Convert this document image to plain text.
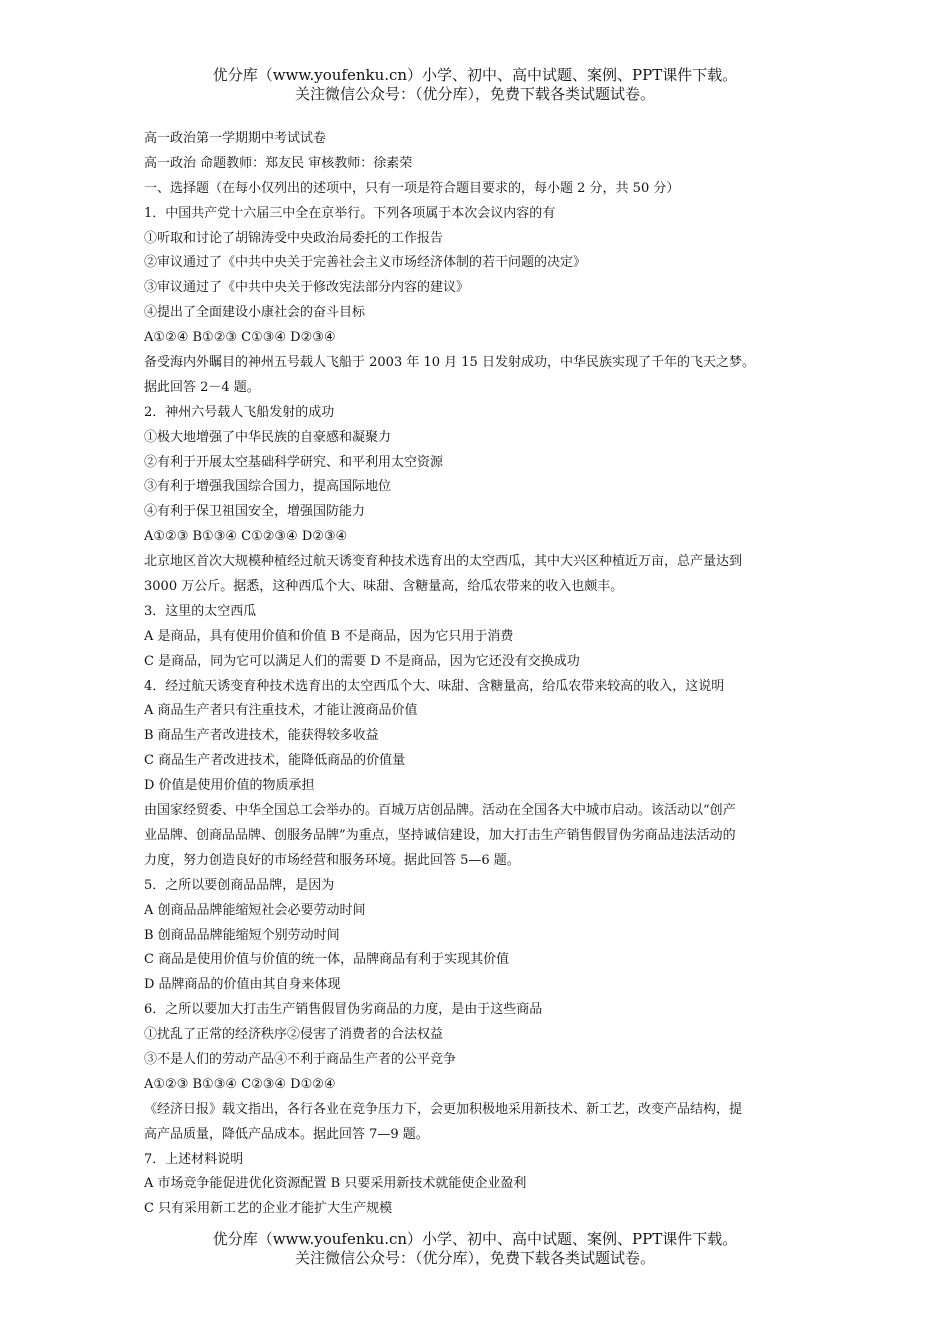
优分库（www.youfenku.cn）小学、初中、高中试题、案例、PPT课件下载。
关注微信公众号：（优分库），免费下载各类试题试卷。
高一政治第一学期期中考试试卷
高一政治 命题教师：郑友民 审核教师：徐素荣
一、选择题（在每小仅列出的述项中，只有一项是符合题目要求的，每小题 2 分，共 50 分）
1．中国共产党十六届三中全在京举行。下列各项属于本次会议内容的有
①听取和讨论了胡锦涛受中央政治局委托的工作报告
②审议通过了《中共中央关于完善社会主义市场经济体制的若干问题的决定》
③审议通过了《中共中央关于修改宪法部分内容的建议》
④提出了全面建设小康社会的奋斗目标
A①②④ B①②③ C①③④ D②③④
备受海内外瞩目的神州五号载人飞船于 2003 年 10 月 15 日发射成功，中华民族实现了千年的飞天之梦。
据此回答 2－4 题。
2．神州六号载人飞船发射的成功
①极大地增强了中华民族的自豪感和凝聚力
②有利于开展太空基础科学研究、和平利用太空资源
③有利于增强我国综合国力，提高国际地位
④有利于保卫祖国安全，增强国防能力
A①②③ B①③④ C①②③④ D②③④
北京地区首次大规模种植经过航天诱变育种技术选育出的太空西瓜，其中大兴区种植近万亩，总产量达到
3000 万公斤。据悉，这种西瓜个大、味甜、含糖量高，给瓜农带来的收入也颇丰。
3．这里的太空西瓜
A 是商品，具有使用价值和价值 B 不是商品，因为它只用于消费
C 是商品，同为它可以满足人们的需要 D 不是商品，因为它还没有交换成功
4．经过航天诱变育种技术选育出的太空西瓜个大、味甜、含糖量高，给瓜农带来较高的收入，这说明
A 商品生产者只有注重技术，才能让渡商品价值
B 商品生产者改进技术，能获得较多收益
C 商品生产者改进技术，能降低商品的价值量
D 价值是使用价值的物质承担
由国家经贸委、中华全国总工会举办的。百城万店创品牌。活动在全国各大中城市启动。该活动以“创产
业品牌、创商品品牌、创服务品牌”为重点，坚持诚信建设，加大打击生产销售假冒伪劣商品违法活动的
力度，努力创造良好的市场经营和服务环境。据此回答 5—6 题。
5．之所以要创商品品牌，是因为
A 创商品品牌能缩短社会必要劳动时间
B 创商品品牌能缩短个别劳动时间
C 商品是使用价值与价值的统一体，品牌商品有利于实现其价值
D 品牌商品的价值由其自身来体现
6．之所以要加大打击生产销售假冒伪劣商品的力度，是由于这些商品
①扰乱了正常的经济秩序②侵害了消费者的合法权益
③不是人们的劳动产品④不利于商品生产者的公平竞争
A①②③ B①③④ C②③④ D①②④
《经济日报》载文指出，各行各业在竞争压力下，会更加积极地采用新技术、新工艺，改变产品结构，提
高产品质量，降低产品成本。据此回答 7—9 题。
7．上述材料说明
A 市场竞争能促进优化资源配置 B 只要采用新技术就能使企业盈利
C 只有采用新工艺的企业才能扩大生产规模
优分库（www.youfenku.cn）小学、初中、高中试题、案例、PPT课件下载。
关注微信公众号：（优分库），免费下载各类试题试卷。
